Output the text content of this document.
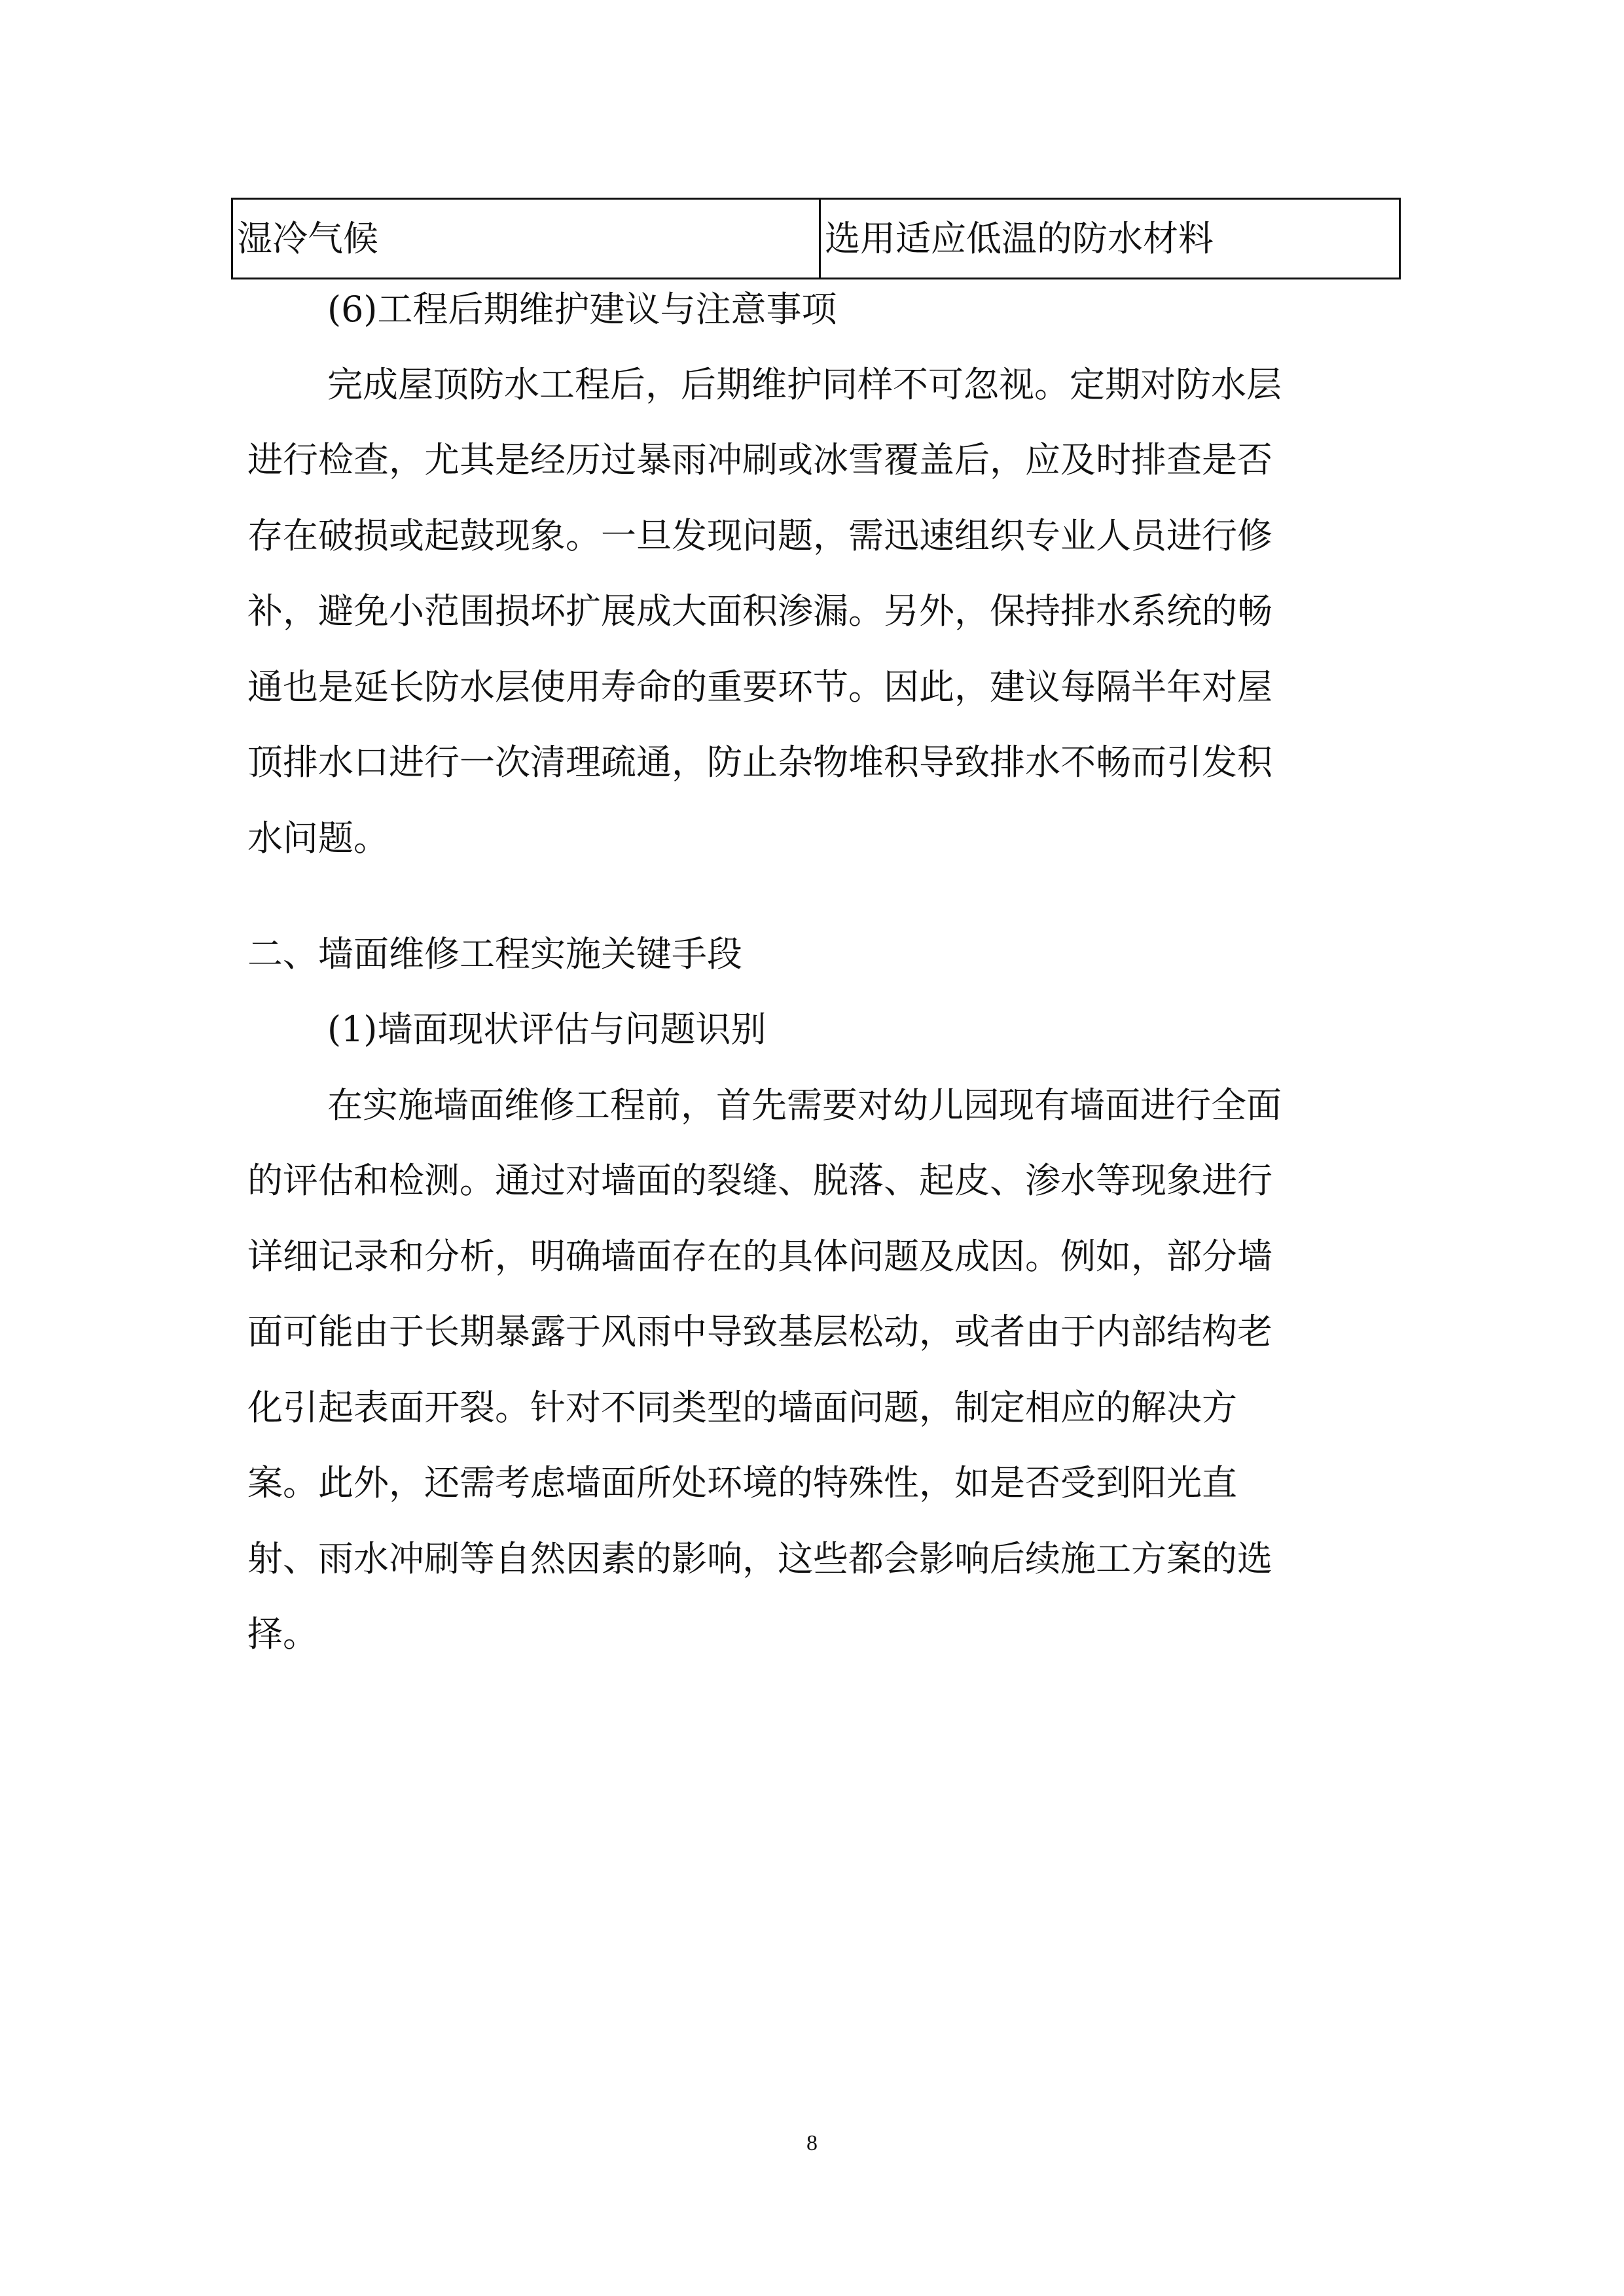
湿冷气候	选用适应低温的防水材料

(6)工程后期维护建议与注意事项

完成屋顶防水工程后，后期维护同样不可忽视。定期对防水层

进行检查，尤其是经历过暴雨冲刷或冰雪覆盖后，应及时排查是否

存在破损或起鼓现象。一旦发现问题，需迅速组织专业人员进行修

补，避免小范围损坏扩展成大面积渗漏。另外，保持排水系统的畅

通也是延长防水层使用寿命的重要环节。因此，建议每隔半年对屋

顶排水口进行一次清理疏通，防止杂物堆积导致排水不畅而引发积

水问题。

二、墙面维修工程实施关键手段

(1)墙面现状评估与问题识别

在实施墙面维修工程前，首先需要对幼儿园现有墙面进行全面

的评估和检测。通过对墙面的裂缝、脱落、起皮、渗水等现象进行

详细记录和分析，明确墙面存在的具体问题及成因。例如，部分墙

面可能由于长期暴露于风雨中导致基层松动，或者由于内部结构老

化引起表面开裂。针对不同类型的墙面问题，制定相应的解决方

案。此外，还需考虑墙面所处环境的特殊性，如是否受到阳光直

射、雨水冲刷等自然因素的影响，这些都会影响后续施工方案的选

择。

8
